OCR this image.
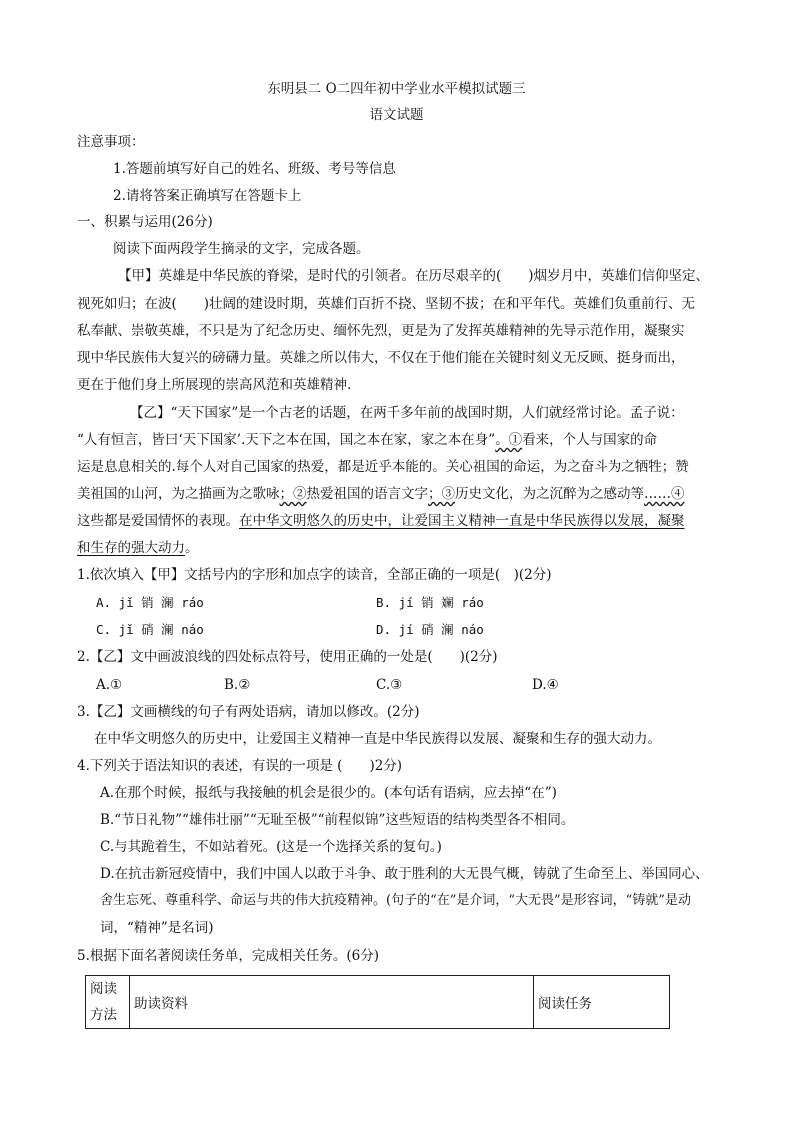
东明县二 O二四年初中学业水平模拟试题三
语文试题
注意事项：
1.答题前填写好自己的姓名、班级、考号等信息
2.请将答案正确填写在答题卡上
一、积累与运用(26分)
阅读下面两段学生摘录的文字，完成各题。
【甲】英雄是中华民族的脊梁，是时代的引领者。在历尽艰辛的(　　)烟岁月中，英雄们信仰坚定、
视死如归；在波(　　)壮阔的建设时期，英雄们百折不挠、坚韧不拔；在和平年代。英雄们负重前行、无
私奉献、崇敬英雄，不只是为了纪念历史、缅怀先烈，更是为了发挥英雄精神的先导示范作用，凝聚实
现中华民族伟大复兴的磅礴力量。英雄之所以伟大，不仅在于他们能在关键时刻义无反顾、挺身而出，
更在于他们身上所展现的崇高风范和英雄精神.
【乙】“天下国家”是一个古老的话题，在两千多年前的战国时期，人们就经常讨论。孟子说：
“人有恒言，皆曰‘天下国家’.天下之本在国，国之本在家，家之本在身”。①看来，个人与国家的命
运是息息相关的.每个人对自己国家的热爱，都是近乎本能的。关心祖国的命运，为之奋斗为之牺牲；赞
美祖国的山河，为之描画为之歌咏；②热爱祖国的语言文字；③历史文化，为之沉醉为之感动等……④
这些都是爱国情怀的表现。在中华文明悠久的历史中，让爱国主义精神一直是中华民族得以发展，凝聚
和生存的强大动力。
1.依次填入【甲】文括号内的字形和加点字的读音，全部正确的一项是(　)(2分)
A. jǐ 销 澜 ráo	B. jí 销 斓 ráo
C. jǐ 硝 澜 náo	D. jí 硝 澜 náo
2.【乙】文中画波浪线的四处标点符号，使用正确的一处是(　　)(2分)
A.①	B.②	C.③	D.④
3.【乙】文画横线的句子有两处语病，请加以修改。(2分)
在中华文明悠久的历史中，让爱国主义精神一直是中华民族得以发展、凝聚和生存的强大动力。
4.下列关于语法知识的表述，有误的一项是 (　　)2分)
A.在那个时候，报纸与我接触的机会是很少的。(本句话有语病，应去掉“在”)
B.“节日礼物”“雄伟壮丽”“无耻至极”“前程似锦”这些短语的结构类型各不相同。
C.与其跪着生，不如站着死。(这是一个选择关系的复句。)
D.在抗击新冠疫情中，我们中国人以敢于斗争、敢于胜利的大无畏气概，铸就了生命至上、举国同心、
舍生忘死、尊重科学、命运与共的伟大抗疫精神。(句子的“在”是介词，“大无畏”是形容词，“铸就”是动
词，“精神”是名词)
5.根据下面名著阅读任务单，完成相关任务。(6分)
阅读方法	助读资料	阅读任务
